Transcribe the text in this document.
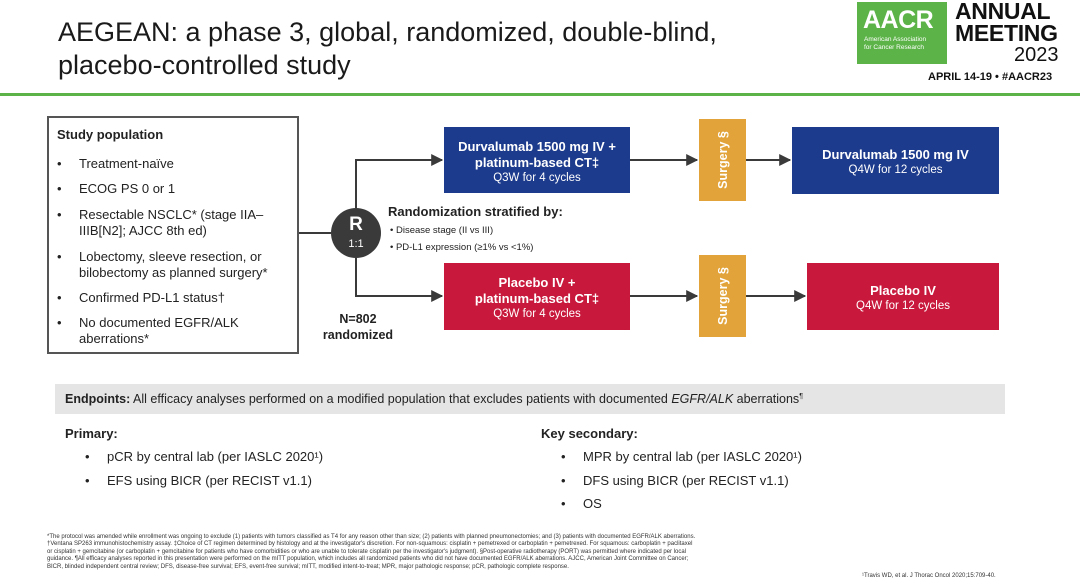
AEGEAN: a phase 3, global, randomized, double-blind,
placebo-controlled study
AACR
American Association
for Cancer Research
ANNUAL
MEETING
2023
APRIL 14-19 • #AACR23
Study population
• Treatment-naïve
• ECOG PS 0 or 1
• Resectable NSCLC* (stage IIA–IIIB[N2]; AJCC 8th ed)
• Lobectomy, sleeve resection, or bilobectomy as planned surgery*
• Confirmed PD-L1 status†
• No documented EGFR/ALK aberrations*
R
1:1
Randomization stratified by:
• Disease stage (II vs III)
• PD-L1 expression (≥1% vs <1%)
N=802
randomized
Durvalumab 1500 mg IV +
platinum-based CT‡
Q3W for 4 cycles	Surgery §	Durvalumab 1500 mg IV
Q4W for 12 cycles
Placebo IV +
platinum-based CT‡
Q3W for 4 cycles	Surgery §	Placebo IV
Q4W for 12 cycles
Endpoints: All efficacy analyses performed on a modified population that excludes patients with documented EGFR/ALK aberrations¶
Primary:
• pCR by central lab (per IASLC 2020¹)
• EFS using BICR (per RECIST v1.1)
Key secondary:
• MPR by central lab (per IASLC 2020¹)
• DFS using BICR (per RECIST v1.1)
• OS

*The protocol was amended while enrollment was ongoing to exclude (1) patients with tumors classified as T4 for any reason other than size; (2) patients with planned pneumonectomies; and (3) patients with documented EGFR/ALK aberrations.

†Ventana SP263 immunohistochemistry assay. ‡Choice of CT regimen determined by histology and at the investigator's discretion. For non-squamous: cisplatin + pemetrexed or carboplatin + pemetrexed. For squamous: carboplatin + paclitaxel

or cisplatin + gemcitabine (or carboplatin + gemcitabine for patients who have comorbidities or who are unable to tolerate cisplatin per the investigator's judgment). §Post-operative radiotherapy (PORT) was permitted where indicated per local

guidance. ¶All efficacy analyses reported in this presentation were performed on the mITT population, which includes all randomized patients who did not have documented EGFR/ALK aberrations. AJCC, American Joint Committee on Cancer;

BICR, blinded independent central review; DFS, disease-free survival; EFS, event-free survival; mITT, modified intent-to-treat; MPR, major pathologic response; pCR, pathologic complete response.

¹Travis WD, et al. J Thorac Oncol 2020;15:709-40.
